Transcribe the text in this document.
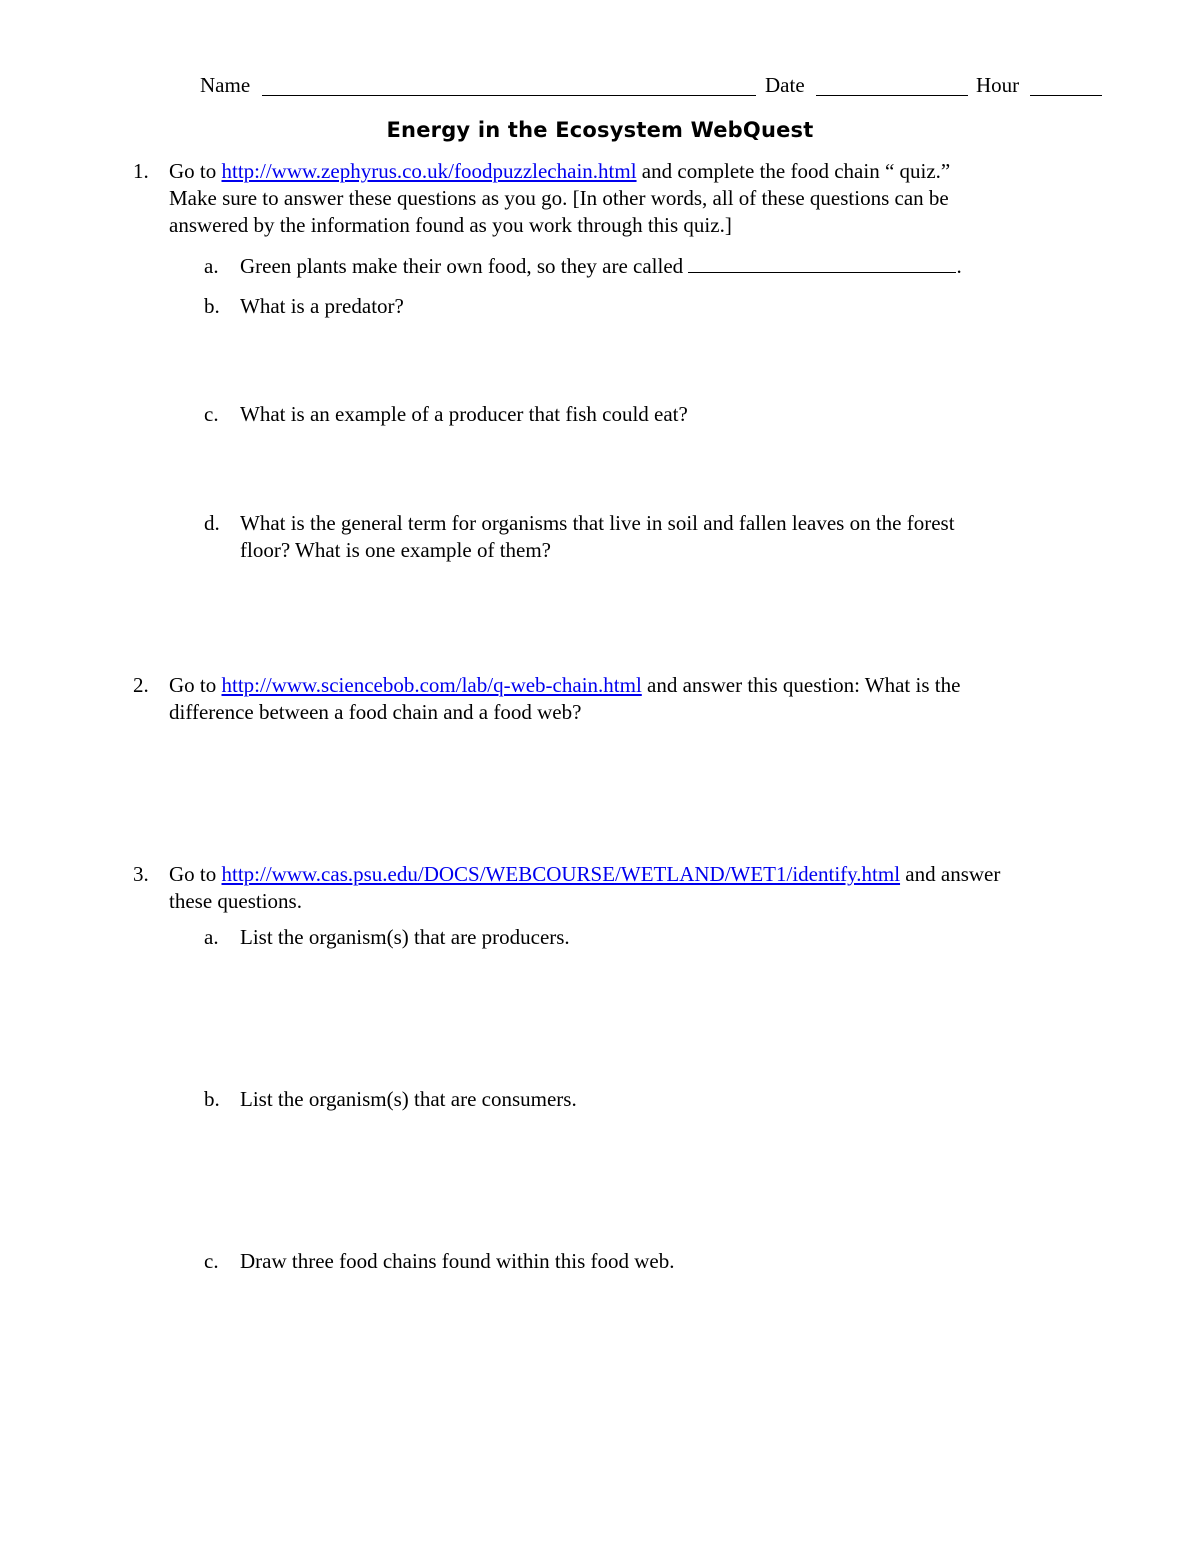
Name	Date	Hour
Energy in the Ecosystem WebQuest
1. Go to http://www.zephyrus.co.uk/foodpuzzlechain.html and complete the food chain “ quiz.”

Make sure to answer these questions as you go. [In other words, all of these questions can be

answered by the information found as you work through this quiz.]

a. Green plants make their own food, so they are called	.

b. What is a predator?

c. What is an example of a producer that fish could eat?

d. What is the general term for organisms that live in soil and fallen leaves on the forest

floor? What is one example of them?

2. Go to http://www.sciencebob.com/lab/q-web-chain.html and answer this question: What is the

difference between a food chain and a food web?

3. Go to http://www.cas.psu.edu/DOCS/WEBCOURSE/WETLAND/WET1/identify.html and answer

these questions.

a. List the organism(s) that are producers.

b. List the organism(s) that are consumers.

c. Draw three food chains found within this food web.
